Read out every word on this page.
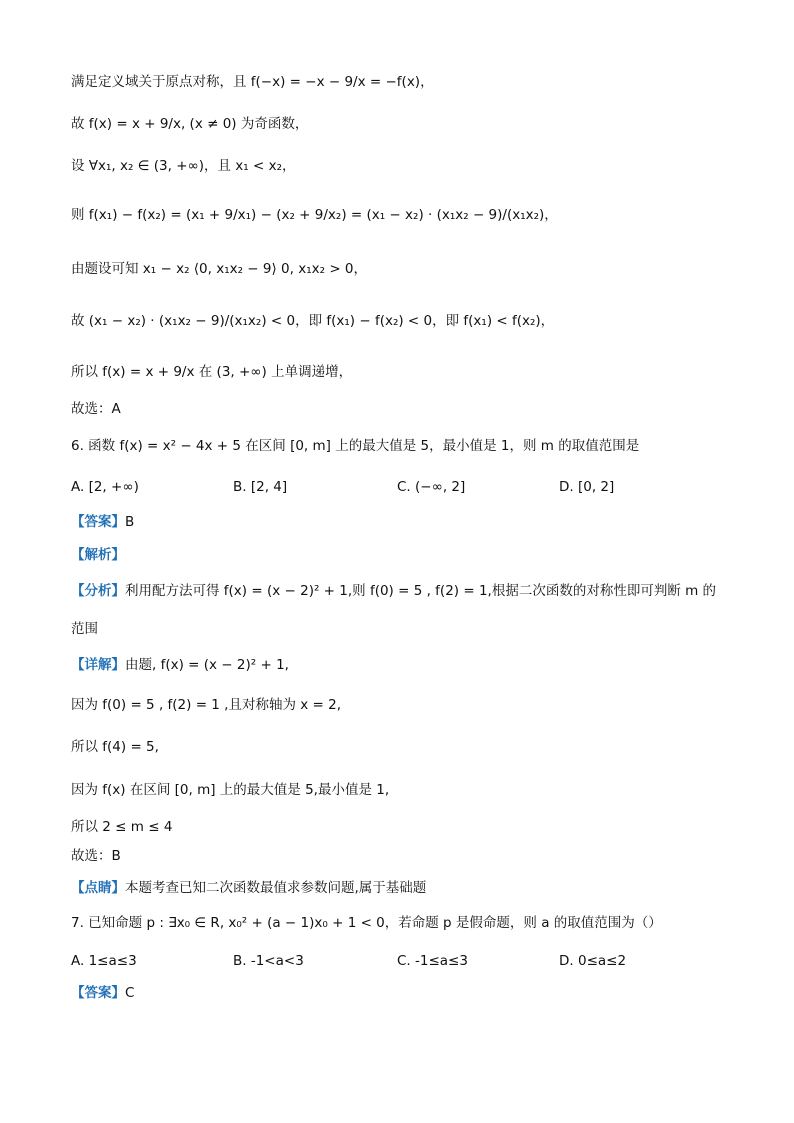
满足定义域关于原点对称，且 f(−x) = −x − 9/x = −f(x)，
故 f(x) = x + 9/x, (x ≠ 0) 为奇函数，
设 ∀x₁, x₂ ∈ (3, +∞)，且 x₁ < x₂，
则 f(x₁) − f(x₂) = (x₁ + 9/x₁) − (x₂ + 9/x₂) = (x₁ − x₂) · (x₁x₂ − 9)/(x₁x₂)，
由题设可知 x₁ − x₂ ⟨0, x₁x₂ − 9⟩ 0, x₁x₂ > 0，
故 (x₁ − x₂) · (x₁x₂ − 9)/(x₁x₂) < 0，即 f(x₁) − f(x₂) < 0，即 f(x₁) < f(x₂)，
所以 f(x) = x + 9/x 在 (3, +∞) 上单调递增，
故选：A
6. 函数 f(x) = x² − 4x + 5 在区间 [0, m] 上的最大值是 5，最小值是 1，则 m 的取值范围是
A. [2, +∞)	B. [2, 4]	C. (−∞, 2]	D. [0, 2]
【答案】B
【解析】
【分析】利用配方法可得 f(x) = (x − 2)² + 1,则 f(0) = 5 , f(2) = 1,根据二次函数的对称性即可判断 m 的
范围
【详解】由题, f(x) = (x − 2)² + 1,
因为 f(0) = 5 , f(2) = 1 ,且对称轴为 x = 2,
所以 f(4) = 5,
因为 f(x) 在区间 [0, m] 上的最大值是 5,最小值是 1,
所以 2 ≤ m ≤ 4
故选：B
【点睛】本题考查已知二次函数最值求参数问题,属于基础题
7. 已知命题 p : ∃x₀ ∈ R, x₀² + (a − 1)x₀ + 1 < 0，若命题 p 是假命题，则 a 的取值范围为（）
A. 1≤a≤3	B. -1<a<3	C. -1≤a≤3	D. 0≤a≤2
【答案】C
